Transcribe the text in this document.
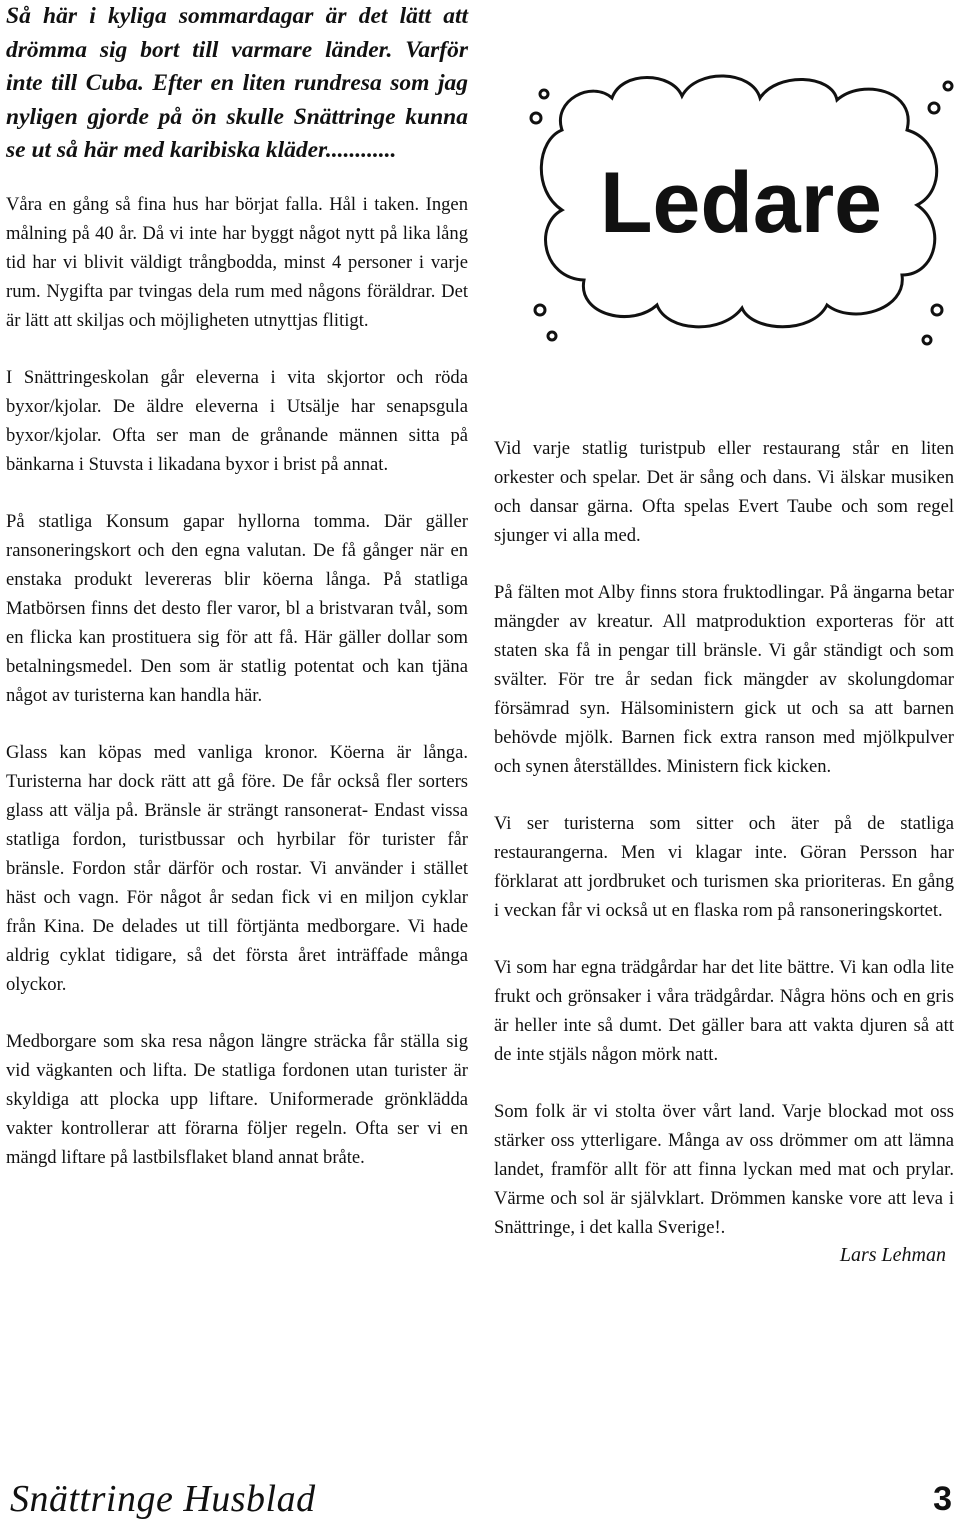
Så här i kyliga sommardagar är det lätt att drömma sig bort till varmare länder. Varför inte till Cuba. Efter en liten rundresa som jag nyligen gjorde på ön skulle Snättringe kunna se ut så här med karibiska kläder............

Våra en gång så fina hus har börjat falla. Hål i taken. Ingen målning på 40 år. Då vi inte har byggt något nytt på lika lång tid har vi blivit väldigt trångbodda, minst 4 personer i varje rum. Nygifta par tvingas dela rum med någons föräldrar. Det är lätt att skiljas och möjligheten utnyttjas flitigt.

I Snättringeskolan går eleverna i vita skjortor och röda byxor/kjolar. De äldre eleverna i Utsälje har senapsgula byxor/kjolar. Ofta ser man de grånande männen sitta på bänkarna i Stuvsta i likadana byxor i brist på annat.

På statliga Konsum gapar hyllorna tomma. Där gäller ransoneringskort och den egna valutan. De få gånger när en enstaka produkt levereras blir köerna långa. På statliga Matbörsen finns det desto fler varor, bl a bristvaran tvål, som en flicka kan prostituera sig för att få. Här gäller dollar som betalningsmedel. Den som är statlig potentat och kan tjäna något av turisterna kan handla här.

Glass kan köpas med vanliga kronor. Köerna är långa. Turisterna har dock rätt att gå före. De får också fler sorters glass att välja på. Bränsle är strängt ransonerat- Endast vissa statliga fordon, turistbussar och hyrbilar för turister får bränsle. Fordon står därför och rostar. Vi använder i stället häst och vagn. För något år sedan fick vi en miljon cyklar från Kina. De delades ut till förtjänta medborgare. Vi hade aldrig cyklat tidigare, så det första året inträffade många olyckor.

Medborgare som ska resa någon längre sträcka får ställa sig vid vägkanten och lifta. De statliga fordonen utan turister är skyldiga att plocka upp liftare. Uniformerade grönklädda vakter kontrollerar att förarna följer regeln. Ofta ser vi en mängd liftare på lastbilsflaket bland annat bråte.

Ledare

Vid varje statlig turistpub eller restaurang står en liten orkester och spelar. Det är sång och dans. Vi älskar musiken och dansar gärna. Ofta spelas Evert Taube och som regel sjunger vi alla med.

På fälten mot Alby finns stora fruktodlingar. På ängarna betar mängder av kreatur. All matproduktion exporteras för att staten ska få in pengar till bränsle. Vi går ständigt och som svälter. För tre år sedan fick mängder av skolungdomar försämrad syn. Hälsoministern gick ut och sa att barnen behövde mjölk. Barnen fick extra ranson med mjölkpulver och synen återställdes. Ministern fick kicken.

Vi ser turisterna som sitter och äter på de statliga restaurangerna. Men vi klagar inte. Göran Persson har förklarat att jordbruket och turismen ska prioriteras. En gång i veckan får vi också ut en flaska rom på ransoneringskortet.

Vi som har egna trädgårdar har det lite bättre. Vi kan odla lite frukt och grönsaker i våra trädgårdar. Några höns och en gris är heller inte så dumt. Det gäller bara att vakta djuren så att de inte stjäls någon mörk natt.

Som folk är vi stolta över vårt land. Varje blockad mot oss stärker oss ytterligare. Många av oss drömmer om att lämna landet, framför allt för att finna lyckan med mat och prylar. Värme och sol är självklart. Drömmen kanske vore att leva i Snättringe, i det kalla Sverige!.

Lars Lehman
Snättringe Husblad	3
